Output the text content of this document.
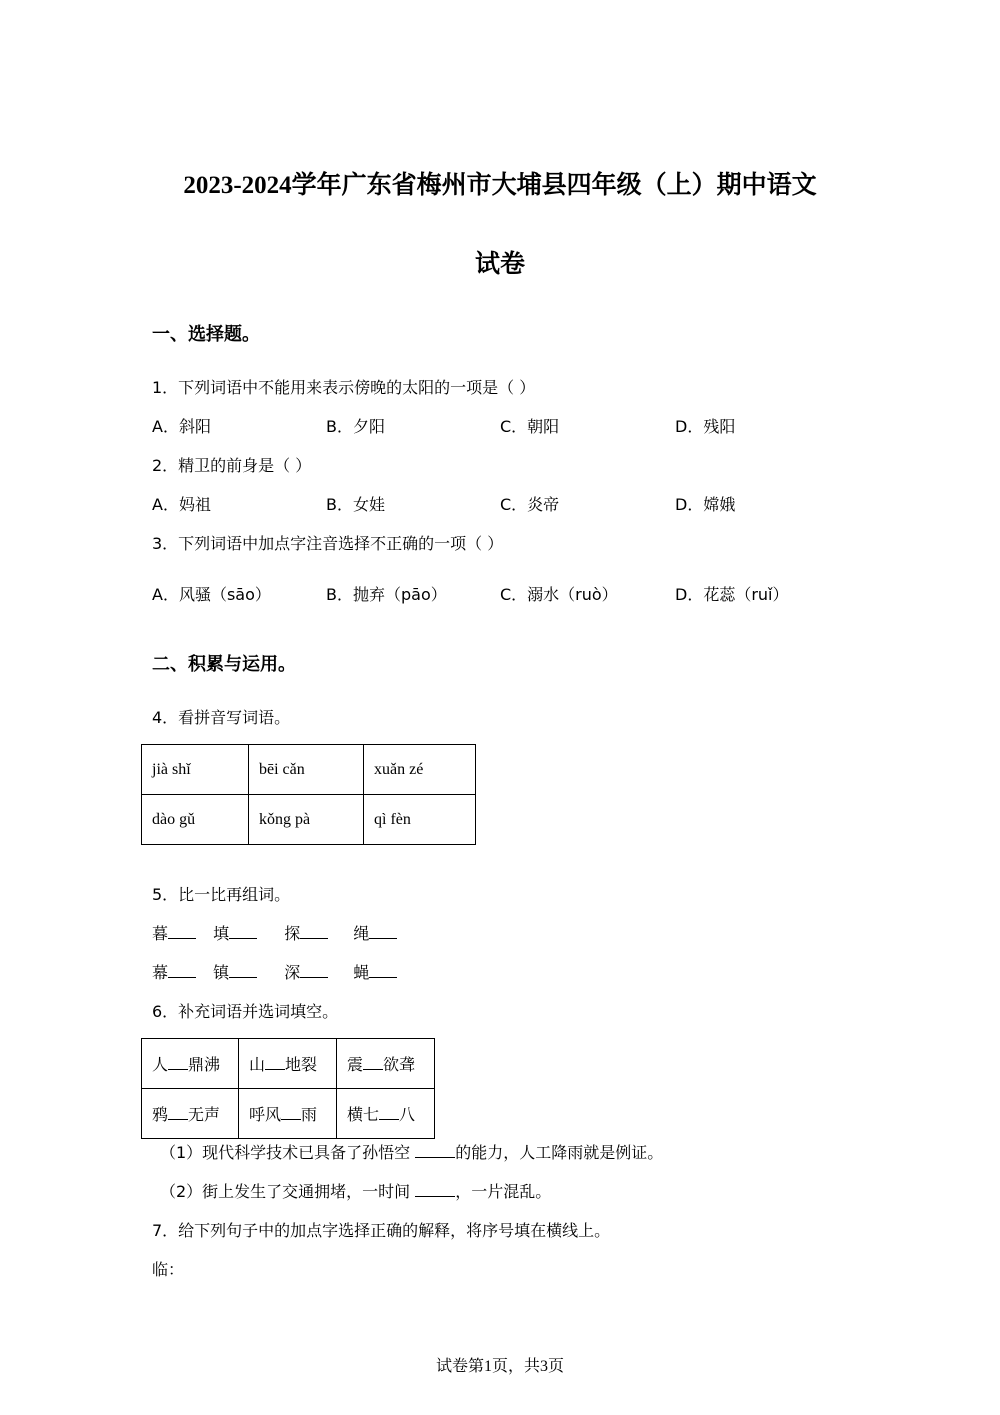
2023-2024学年广东省梅州市大埔县四年级（上）期中语文
试卷
一、选择题。
1．下列词语中不能用来表示傍晚的太阳的一项是（ ）
A．斜阳	B．夕阳	C．朝阳	D．残阳
2．精卫的前身是（ ）
A．妈祖	B．女娃	C．炎帝	D．嫦娥
3．下列词语中加点字注音选择不正确的一项（ ）
A．风骚（sāo）	B．抛弃（pāo）	C．溺水（ruò）	D．花蕊（ruǐ）
二、积累与运用。
4．看拼音写词语。
jià shǐ	bēi cǎn	xuǎn zé
dào gǔ	kǒng pà	qì fèn
5．比一比再组词。
暮	填	探	绳
幕	镇	深	蝇
6．补充词语并选词填空。
人 鼎沸	山 地裂	震 欲聋
鸦 无声	呼风 雨	横七 八
（1）现代科学技术已具备了孙悟空	的能力，人工降雨就是例证。
（2）街上发生了交通拥堵，一时间	，一片混乱。
7．给下列句子中的加点字选择正确的解释，将序号填在横线上。
临：
试卷第1页，共3页
